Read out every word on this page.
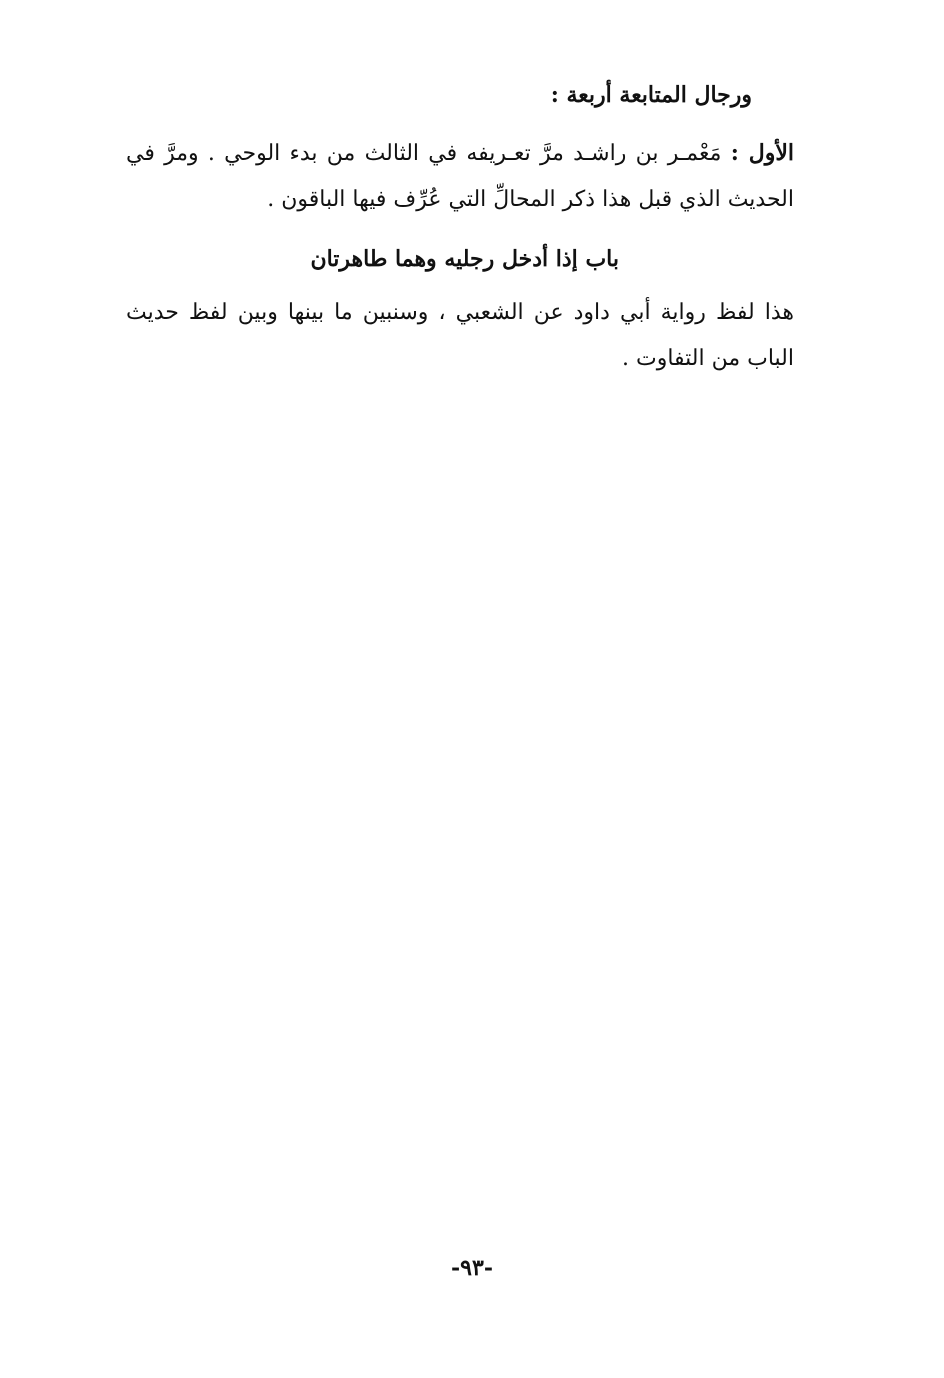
ورجال المتابعة أربعة :
الأول : مَعْمـر بن راشـد مرَّ تعـريفه في الثالث من بدء الوحي . ومرَّ في
الحديث الذي قبل هذا ذكر المحالِّ التي عُرِّف فيها الباقون .
باب إذا أدخل رجليه وهما طاهرتان
هذا لفظ رواية أبي داود عن الشعبي ، وسنبين ما بينها وبين لفظ حديث
الباب من التفاوت .
-٩٣-
